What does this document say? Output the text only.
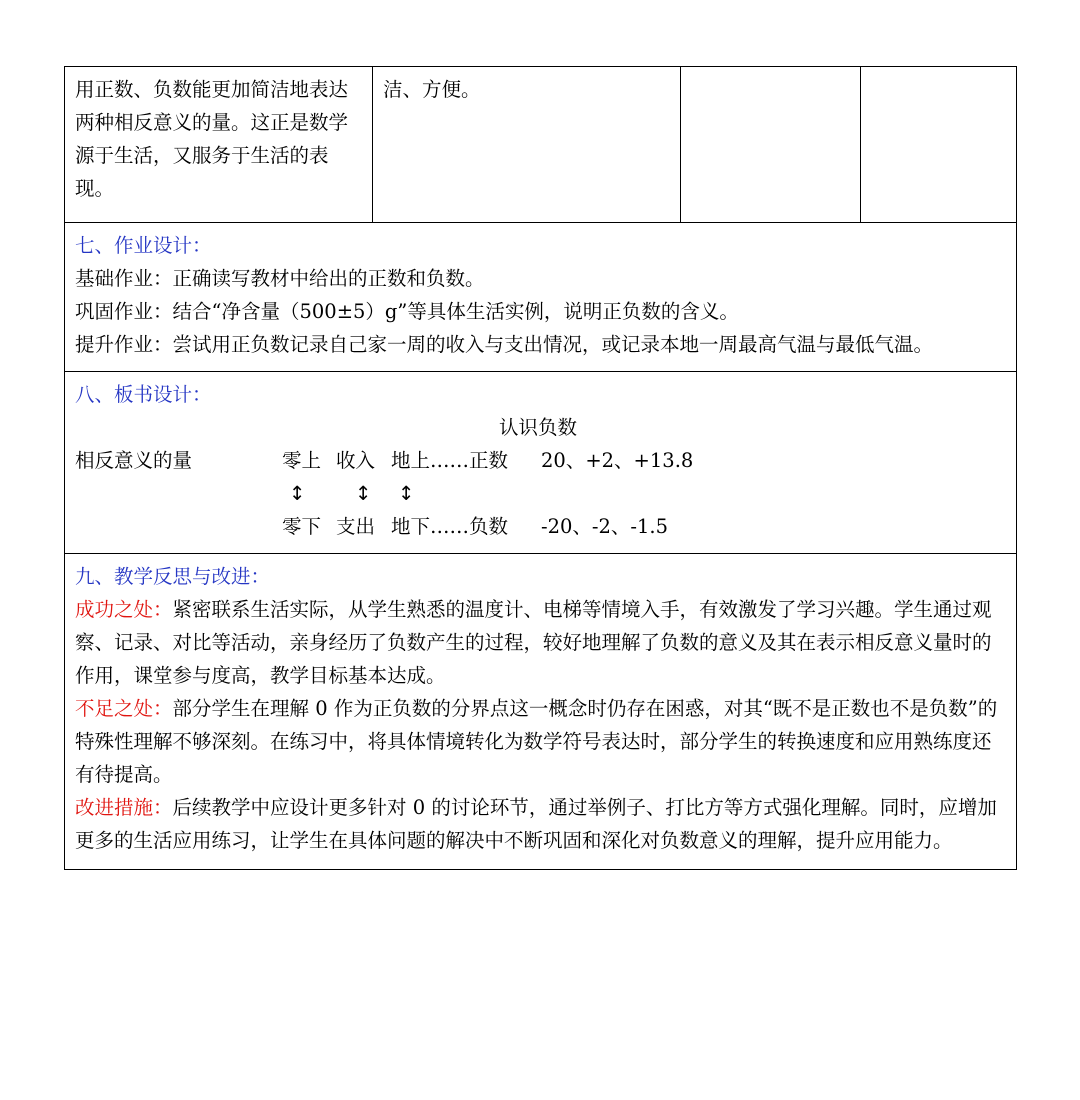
用正数、负数能更加简洁地表达两种相反意义的量。这正是数学源于生活，又服务于生活的表现。	洁、方便。		

七、作业设计：

基础作业：正确读写教材中给出的正数和负数。

巩固作业：结合“净含量（500±5）g”等具体生活实例，说明正负数的含义。

提升作业：尝试用正负数记录自己家一周的收入与支出情况，或记录本地一周最高气温与最低气温。

八、板书设计：

认识负数
相反意义的量	零上 收入 地上……正数 20、+2、+13.8
↕	↕ ↕
零下 支出 地下……负数 -20、-2、-1.5

九、教学反思与改进：

成功之处：紧密联系生活实际，从学生熟悉的温度计、电梯等情境入手，有效激发了学习兴趣。学生通过观察、记录、对比等活动，亲身经历了负数产生的过程，较好地理解了负数的意义及其在表示相反意义量时的作用，课堂参与度高，教学目标基本达成。

不足之处：部分学生在理解 0 作为正负数的分界点这一概念时仍存在困惑，对其“既不是正数也不是负数”的特殊性理解不够深刻。在练习中，将具体情境转化为数学符号表达时，部分学生的转换速度和应用熟练度还有待提高。

改进措施：后续教学中应设计更多针对 0 的讨论环节，通过举例子、打比方等方式强化理解。同时，应增加更多的生活应用练习，让学生在具体问题的解决中不断巩固和深化对负数意义的理解，提升应用能力。
